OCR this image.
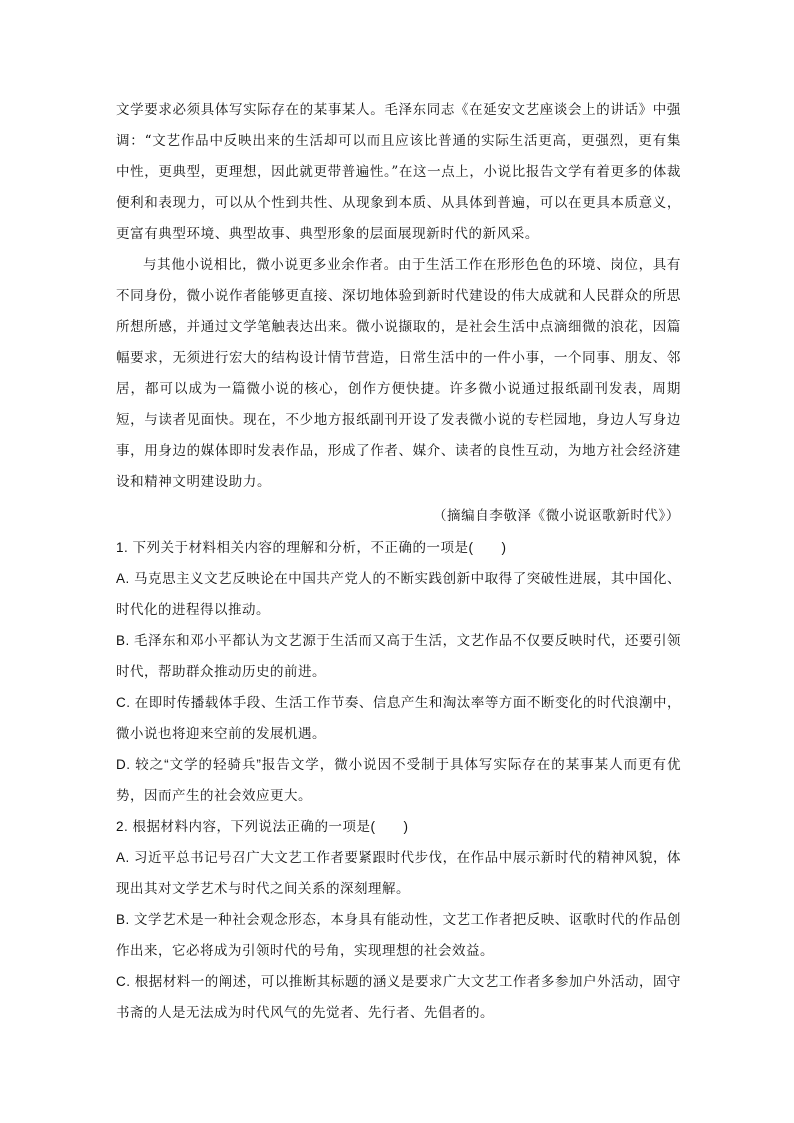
文学要求必须具体写实际存在的某事某人。毛泽东同志《在延安文艺座谈会上的讲话》中强调：“文艺作品中反映出来的生活却可以而且应该比普通的实际生活更高，更强烈，更有集中性，更典型，更理想，因此就更带普遍性。”在这一点上，小说比报告文学有着更多的体裁便利和表现力，可以从个性到共性、从现象到本质、从具体到普遍，可以在更具本质意义，更富有典型环境、典型故事、典型形象的层面展现新时代的新风采。

与其他小说相比，微小说更多业余作者。由于生活工作在形形色色的环境、岗位，具有不同身份，微小说作者能够更直接、深切地体验到新时代建设的伟大成就和人民群众的所思所想所感，并通过文学笔触表达出来。微小说撷取的，是社会生活中点滴细微的浪花，因篇幅要求，无须进行宏大的结构设计情节营造，日常生活中的一件小事，一个同事、朋友、邻居，都可以成为一篇微小说的核心，创作方便快捷。许多微小说通过报纸副刊发表，周期短，与读者见面快。现在，不少地方报纸副刊开设了发表微小说的专栏园地，身边人写身边事，用身边的媒体即时发表作品，形成了作者、媒介、读者的良性互动，为地方社会经济建设和精神文明建设助力。

（摘编自李敬泽《微小说讴歌新时代》）

1. 下列关于材料相关内容的理解和分析，不正确的一项是(　　)

A. 马克思主义文艺反映论在中国共产党人的不断实践创新中取得了突破性进展，其中国化、时代化的进程得以推动。

B. 毛泽东和邓小平都认为文艺源于生活而又高于生活，文艺作品不仅要反映时代，还要引领时代，帮助群众推动历史的前进。

C. 在即时传播载体手段、生活工作节奏、信息产生和淘汰率等方面不断变化的时代浪潮中，微小说也将迎来空前的发展机遇。

D. 较之“文学的轻骑兵”报告文学，微小说因不受制于具体写实际存在的某事某人而更有优势，因而产生的社会效应更大。

2. 根据材料内容，下列说法正确的一项是(　　)

A. 习近平总书记号召广大文艺工作者要紧跟时代步伐，在作品中展示新时代的精神风貌，体现出其对文学艺术与时代之间关系的深刻理解。

B. 文学艺术是一种社会观念形态，本身具有能动性，文艺工作者把反映、讴歌时代的作品创作出来，它必将成为引领时代的号角，实现理想的社会效益。

C. 根据材料一的阐述，可以推断其标题的涵义是要求广大文艺工作者多参加户外活动，固守书斋的人是无法成为时代风气的先觉者、先行者、先倡者的。
